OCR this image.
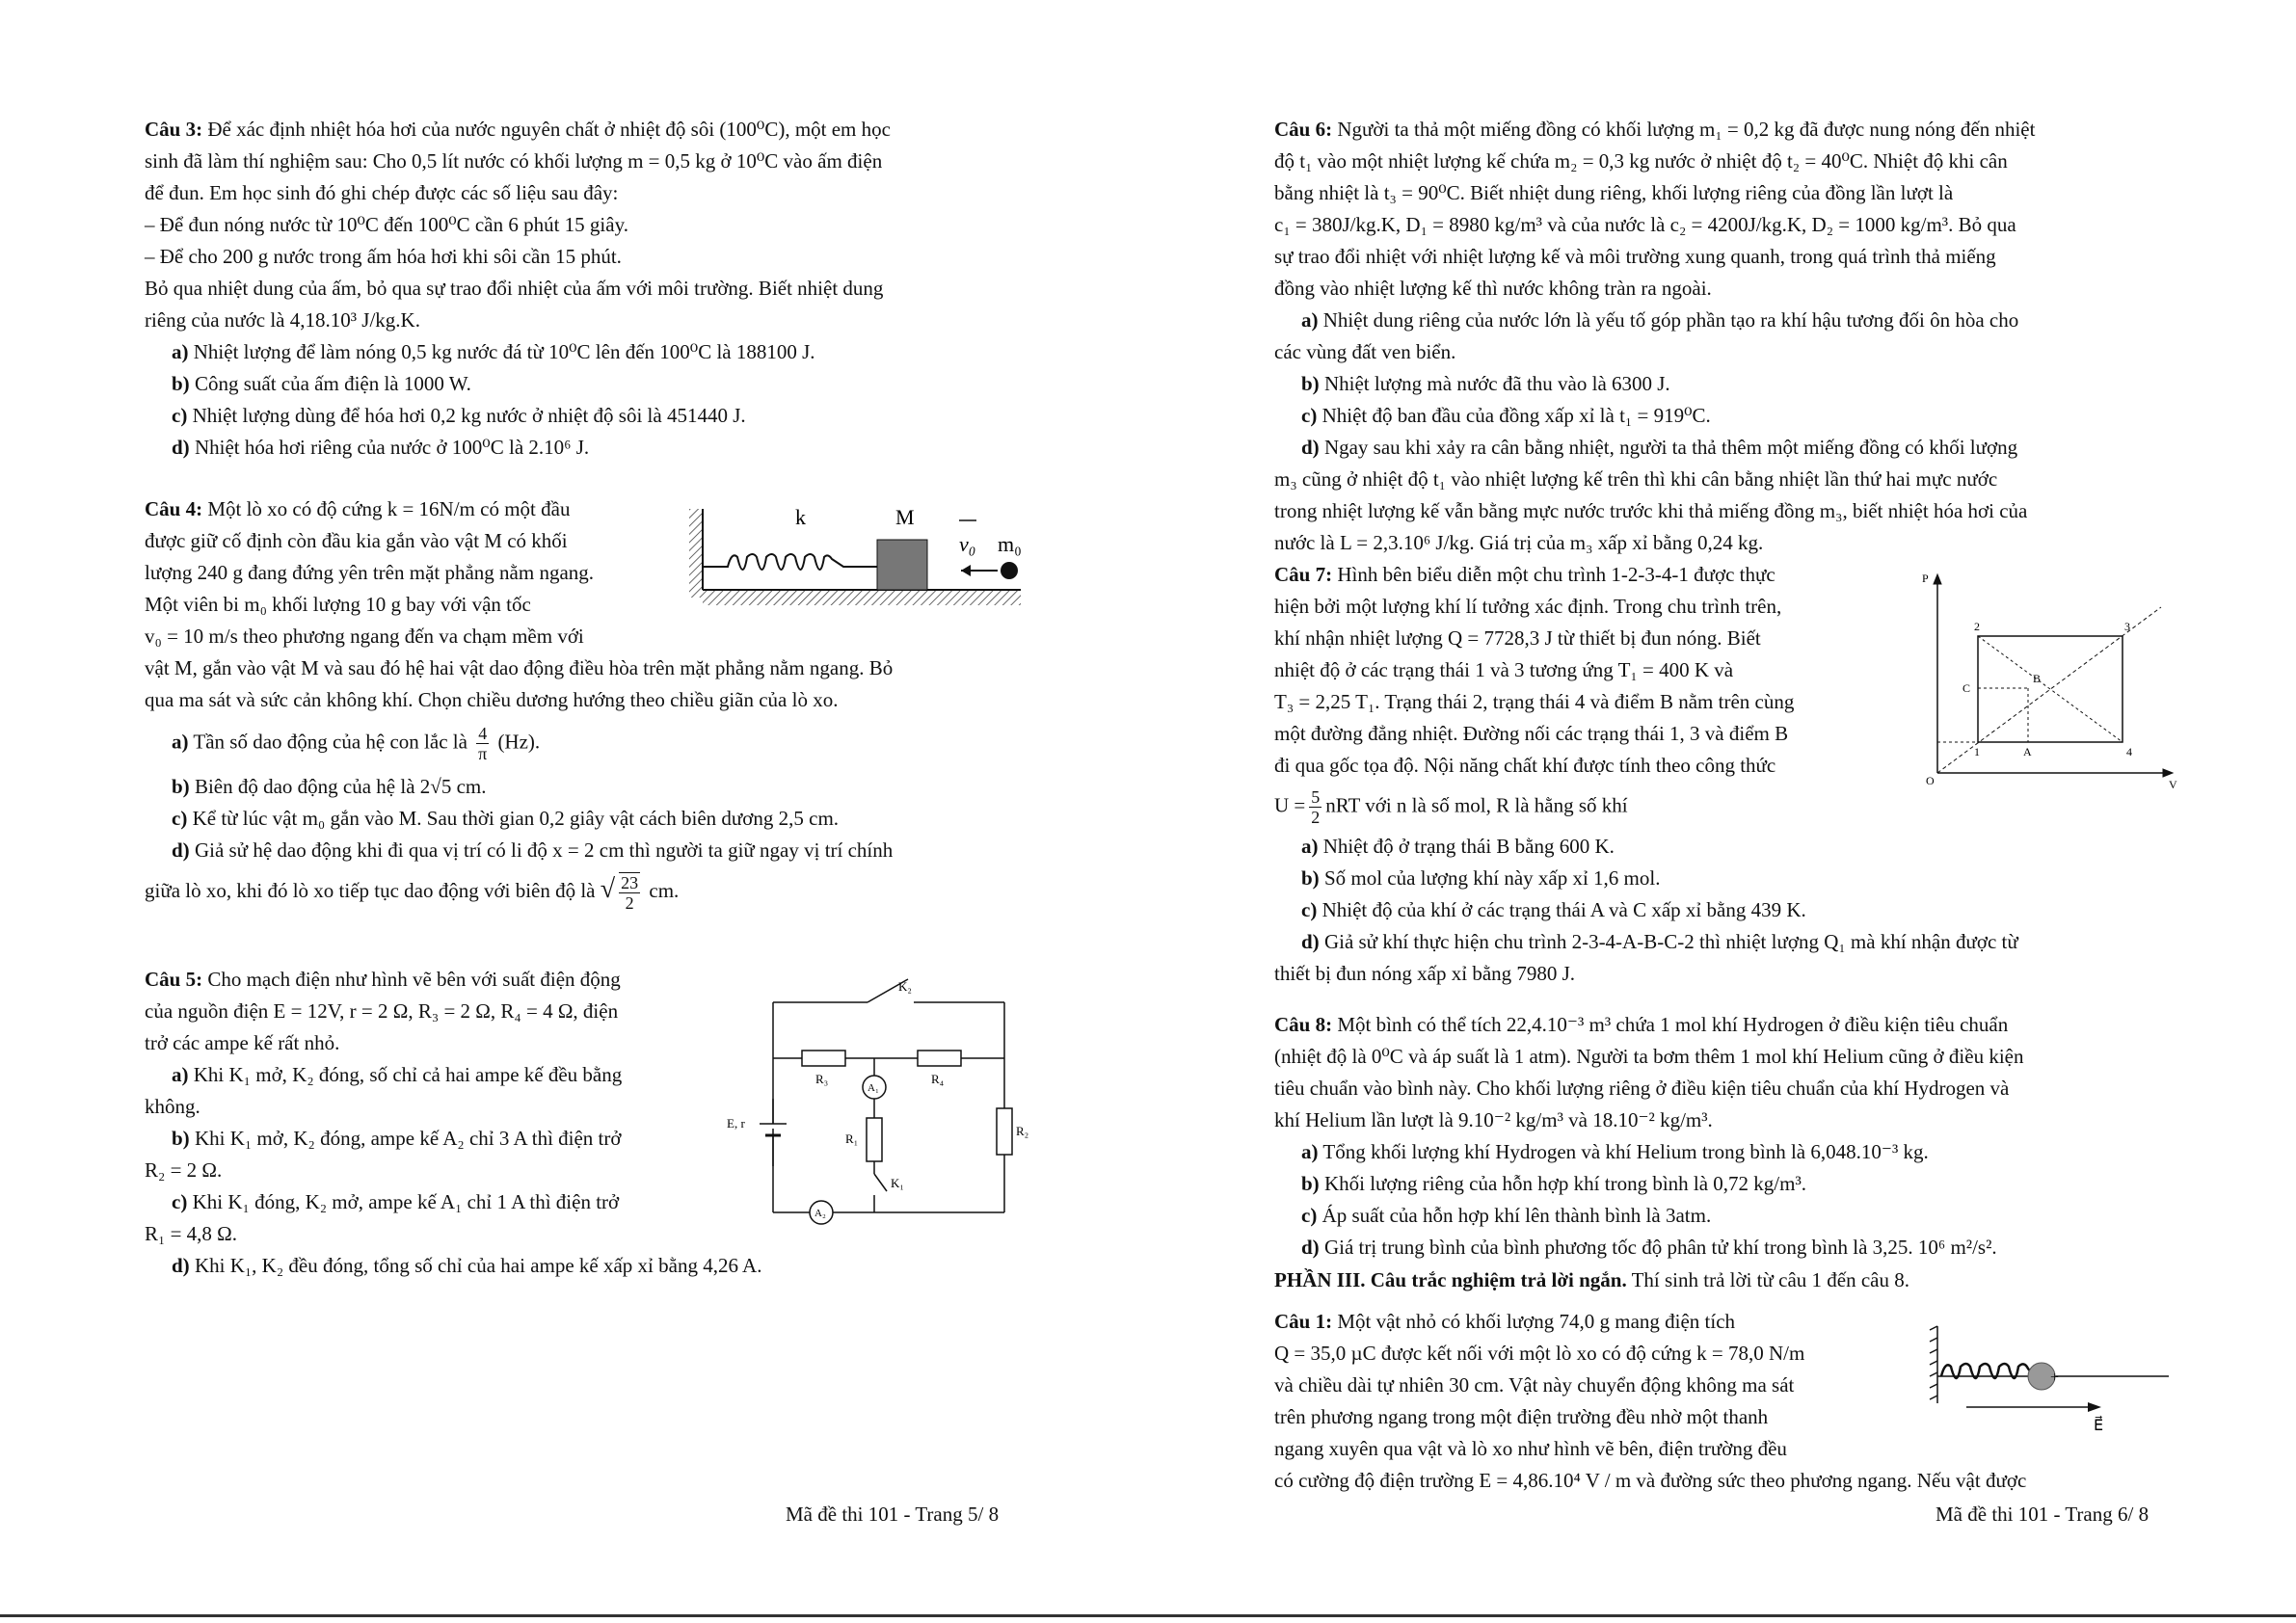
Câu 3: Để xác định nhiệt hóa hơi của nước nguyên chất ở nhiệt độ sôi (100⁰C), một em học
sinh đã làm thí nghiệm sau: Cho 0,5 lít nước có khối lượng m = 0,5 kg ở 10⁰C vào ấm điện
để đun. Em học sinh đó ghi chép được các số liệu sau đây:
– Để đun nóng nước từ 10⁰C đến 100⁰C cần 6 phút 15 giây.
– Để cho 200 g nước trong ấm hóa hơi khi sôi cần 15 phút.
Bỏ qua nhiệt dung của ấm, bỏ qua sự trao đổi nhiệt của ấm với môi trường. Biết nhiệt dung
riêng của nước là 4,18.10³ J/kg.K.
a) Nhiệt lượng để làm nóng 0,5 kg nước đá từ 10⁰C lên đến 100⁰C là 188100 J.
b) Công suất của ấm điện là 1000 W.
c) Nhiệt lượng dùng để hóa hơi 0,2 kg nước ở nhiệt độ sôi là 451440 J.
d) Nhiệt hóa hơi riêng của nước ở 100⁰C là 2.10⁶ J.
Câu 4: Một lò xo có độ cứng k = 16N/m có một đầu
được giữ cố định còn đầu kia gắn vào vật M có khối
lượng 240 g đang đứng yên trên mặt phẳng nằm ngang.
Một viên bi m₀ khối lượng 10 g bay với vận tốc
v₀ = 10 m/s theo phương ngang đến va chạm mềm với
vật M, gắn vào vật M và sau đó hệ hai vật dao động điều hòa trên mặt phẳng nằm ngang. Bỏ
qua ma sát và sức cản không khí. Chọn chiều dương hướng theo chiều giãn của lò xo.
a) Tần số dao động của hệ con lắc là $\frac{4}{\pi} (Hz)$.
b) Biên độ dao động của hệ là 2√5 cm.
c) Kể từ lúc vật m₀ gắn vào M. Sau thời gian 0,2 giây vật cách biên dương 2,5 cm.
d) Giả sử hệ dao động khi đi qua vị trí có li độ x = 2 cm thì người ta giữ ngay vị trí chính
giữa lò xo, khi đó lò xo tiếp tục dao động với biên độ là √ $\frac{23}{2}$ cm.
Câu 5: Cho mạch điện như hình vẽ bên với suất điện động
của nguồn điện E = 12V, r = 2 Ω, R₃ = 2 Ω, R₄ = 4 Ω, điện
trở các ampe kế rất nhỏ.
a) Khi K₁ mở, K₂ đóng, số chỉ cả hai ampe kế đều bằng
không.
b) Khi K₁ mở, K₂ đóng, ampe kế A₂ chỉ 3 A thì điện trở
R₂ = 2 Ω.
c) Khi K₁ đóng, K₂ mở, ampe kế A₁ chỉ 1 A thì điện trở
R₁ = 4,8 Ω.
d) Khi K₁, K₂ đều đóng, tổng số chỉ của hai ampe kế xấp xỉ bằng 4,26 A.
Mã đề thi 101 - Trang 5/ 8
k	M
v₀ m₀
K₂
R₃	R₄
A₁
E, r
R₁
R₂
K₁
A₂
Câu 6: Người ta thả một miếng đồng có khối lượng m₁ = 0,2 kg đã được nung nóng đến nhiệt
độ t₁ vào một nhiệt lượng kế chứa m₂ = 0,3 kg nước ở nhiệt độ t₂ = 40⁰C. Nhiệt độ khi cân
bằng nhiệt là t₃ = 90⁰C. Biết nhiệt dung riêng, khối lượng riêng của đồng lần lượt là
c₁ = 380J/kg.K, D₁ = 8980 kg/m³ và của nước là c₂ = 4200J/kg.K, D₂ = 1000 kg/m³. Bỏ qua
sự trao đổi nhiệt với nhiệt lượng kế và môi trường xung quanh, trong quá trình thả miếng
đồng vào nhiệt lượng kế thì nước không tràn ra ngoài.
a) Nhiệt dung riêng của nước lớn là yếu tố góp phần tạo ra khí hậu tương đối ôn hòa cho
các vùng đất ven biển.
b) Nhiệt lượng mà nước đã thu vào là 6300 J.
c) Nhiệt độ ban đầu của đồng xấp xỉ là t₁ = 919⁰C.
d) Ngay sau khi xảy ra cân bằng nhiệt, người ta thả thêm một miếng đồng có khối lượng
m₃ cũng ở nhiệt độ t₁ vào nhiệt lượng kế trên thì khi cân bằng nhiệt lần thứ hai mực nước
trong nhiệt lượng kế vẫn bằng mực nước trước khi thả miếng đồng m₃, biết nhiệt hóa hơi của
nước là L = 2,3.10⁶ J/kg. Giá trị của m₃ xấp xỉ bằng 0,24 kg.
Câu 7: Hình bên biểu diễn một chu trình 1-2-3-4-1 được thực
hiện bởi một lượng khí lí tưởng xác định. Trong chu trình trên,
khí nhận nhiệt lượng Q = 7728,3 J từ thiết bị đun nóng. Biết
nhiệt độ ở các trạng thái 1 và 3 tương ứng T₁ = 400 K và
T₃ = 2,25 T₁. Trạng thái 2, trạng thái 4 và điểm B nằm trên cùng
một đường đẳng nhiệt. Đường nối các trạng thái 1, 3 và điểm B
đi qua gốc tọa độ. Nội năng chất khí được tính theo công thức
$U = \frac{5}{2}$ nRT với n là số mol, R là hằng số khí
a) Nhiệt độ ở trạng thái B bằng 600 K.
b) Số mol của lượng khí này xấp xỉ 1,6 mol.
c) Nhiệt độ của khí ở các trạng thái A và C xấp xỉ bằng 439 K.
d) Giả sử khí thực hiện chu trình 2-3-4-A-B-C-2 thì nhiệt lượng Q₁ mà khí nhận được từ
thiết bị đun nóng xấp xỉ bằng 7980 J.
Câu 8: Một bình có thể tích 22,4.10⁻³ m³ chứa 1 mol khí Hydrogen ở điều kiện tiêu chuẩn
(nhiệt độ là 0⁰C và áp suất là 1 atm). Người ta bơm thêm 1 mol khí Helium cũng ở điều kiện
tiêu chuẩn vào bình này. Cho khối lượng riêng ở điều kiện tiêu chuẩn của khí Hydrogen và
khí Helium lần lượt là 9.10⁻² kg/m³ và 18.10⁻² kg/m³.
a) Tổng khối lượng khí Hydrogen và khí Helium trong bình là 6,048.10⁻³ kg.
b) Khối lượng riêng của hỗn hợp khí trong bình là 0,72 kg/m³.
c) Áp suất của hỗn hợp khí lên thành bình là 3atm.
d) Giá trị trung bình của bình phương tốc độ phân tử khí trong bình là 3,25. 10⁶ m²/s².
PHẦN III. Câu trắc nghiệm trả lời ngắn. Thí sinh trả lời từ câu 1 đến câu 8.
Câu 1: Một vật nhỏ có khối lượng 74,0 g mang điện tích
Q = 35,0 µC được kết nối với một lò xo có độ cứng k = 78,0 N/m
và chiều dài tự nhiên 30 cm. Vật này chuyển động không ma sát
trên phương ngang trong một điện trường đều nhờ một thanh
ngang xuyên qua vật và lò xo như hình vẽ bên, điện trường đều
có cường độ điện trường E = 4,86.10⁴ V / m và đường sức theo phương ngang. Nếu vật được
Mã đề thi 101 - Trang 6/ 8
P
V
O
1
2	3
4
A
B
C
+
E⃗
